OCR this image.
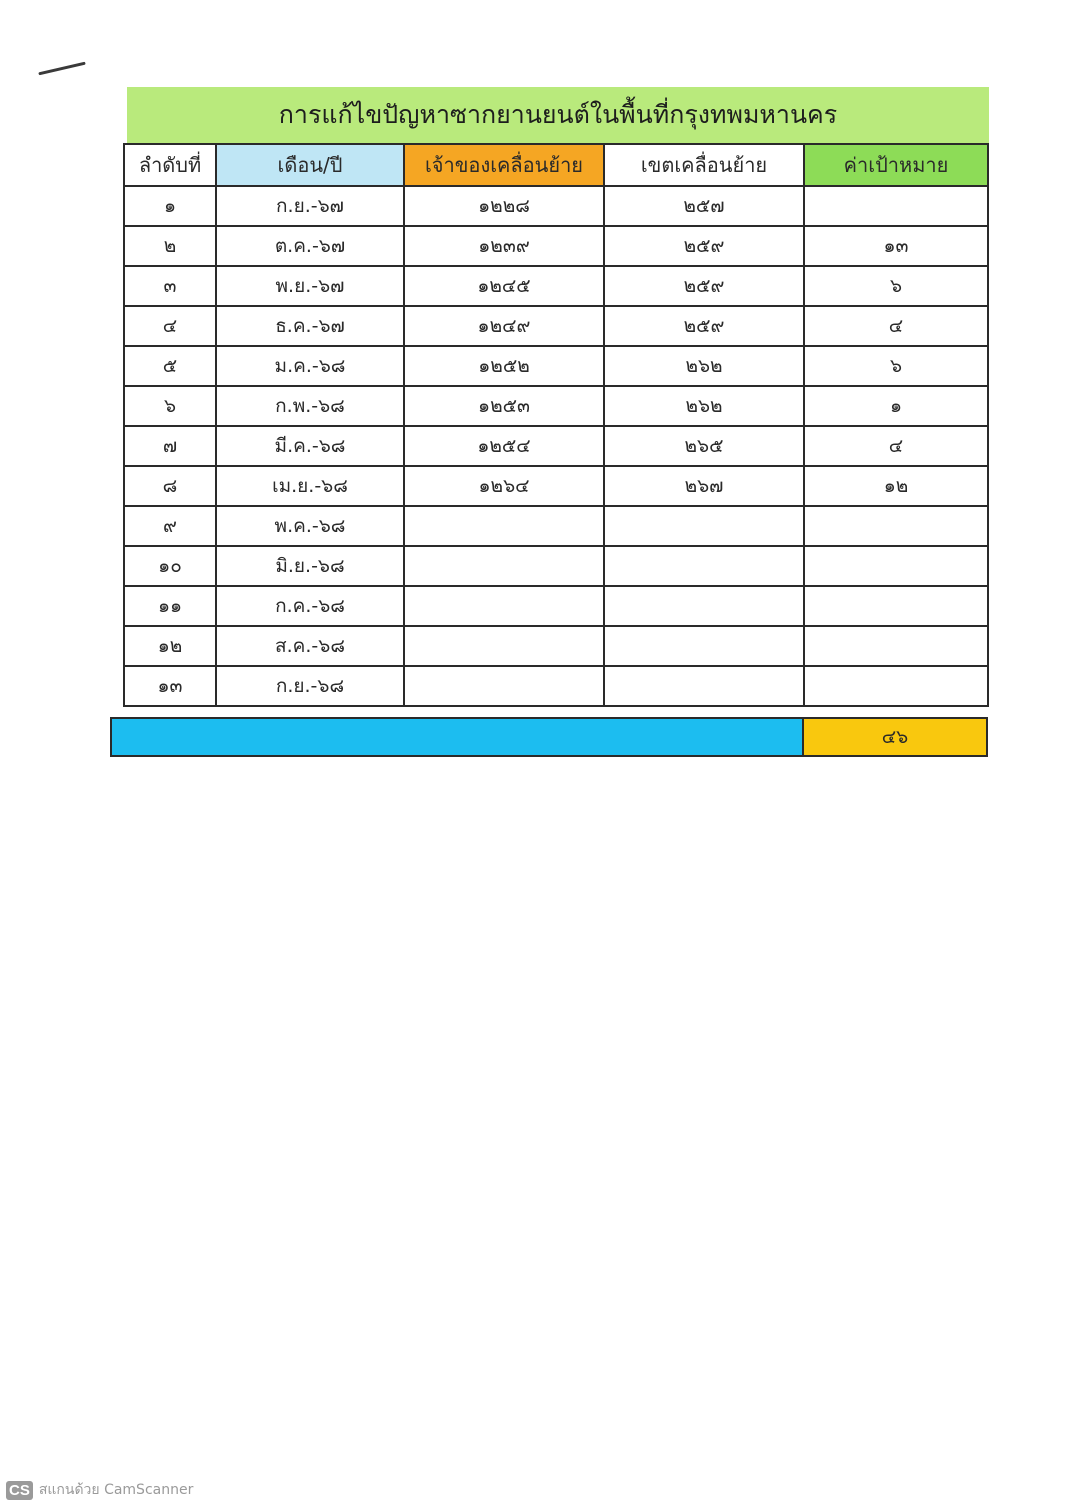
การแก้ไขปัญหาซากยานยนต์ในพื้นที่กรุงทพมหานคร
ลำดับที่	เดือน/ปี	เจ้าของเคลื่อนย้าย	เขตเคลื่อนย้าย	ค่าเป้าหมาย
๑	ก.ย.-๖๗	๑๒๒๘	๒๕๗	
๒	ต.ค.-๖๗	๑๒๓๙	๒๕๙	๑๓
๓	พ.ย.-๖๗	๑๒๔๕	๒๕๙	๖
๔	ธ.ค.-๖๗	๑๒๔๙	๒๕๙	๔
๕	ม.ค.-๖๘	๑๒๕๒	๒๖๒	๖
๖	ก.พ.-๖๘	๑๒๕๓	๒๖๒	๑
๗	มี.ค.-๖๘	๑๒๕๔	๒๖๕	๔
๘	เม.ย.-๖๘	๑๒๖๔	๒๖๗	๑๒
๙	พ.ค.-๖๘			
๑๐	มิ.ย.-๖๘			
๑๑	ก.ค.-๖๘			
๑๒	ส.ค.-๖๘			
๑๓	ก.ย.-๖๘			
๔๖
CS สแกนด้วย CamScanner
